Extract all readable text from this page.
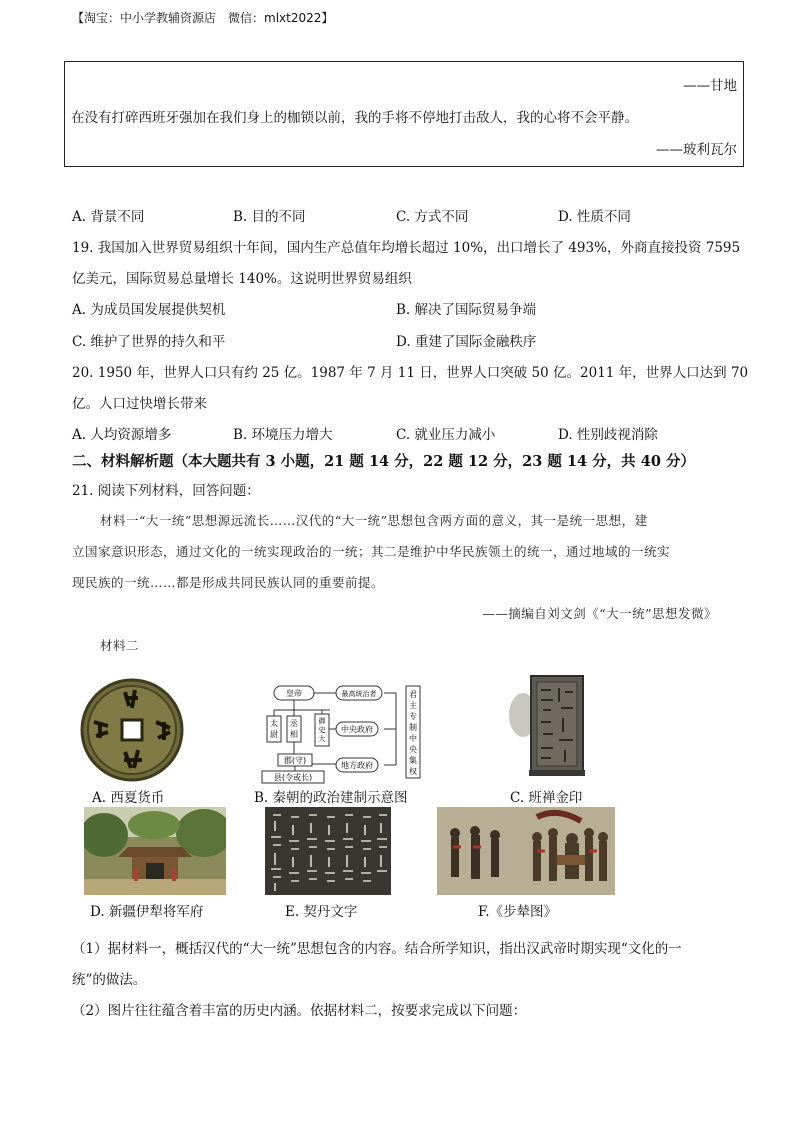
【淘宝：中小学教辅资源店　微信：mlxt2022】
——甘地
在没有打碎西班牙强加在我们身上的枷锁以前，我的手将不停地打击敌人，我的心将不会平静。
——玻利瓦尔
A. 背景不同	B. 目的不同	C. 方式不同	D. 性质不同
19. 我国加入世界贸易组织十年间，国内生产总值年均增长超过 10%，出口增长了 493%，外商直接投资 7595
亿美元，国际贸易总量增长 140%。这说明世界贸易组织
A. 为成员国发展提供契机	B. 解决了国际贸易争端
C. 维护了世界的持久和平	D. 重建了国际金融秩序
20. 1950 年，世界人口只有约 25 亿。1987 年 7 月 11 日，世界人口突破 50 亿。2011 年，世界人口达到 70
亿。人口过快增长带来
A. 人均资源增多	B. 环境压力增大	C. 就业压力减小	D. 性别歧视消除
二、材料解析题（本大题共有 3 小题，21 题 14 分，22 题 12 分，23 题 14 分，共 40 分）
21. 阅读下列材料，回答问题：
材料一“大一统”思想源远流长……汉代的“大一统”思想包含两方面的意义，其一是统一思想，建
立国家意识形态，通过文化的一统实现政治的一统；其二是维护中华民族领土的统一，通过地域的一统实
现民族的一统……都是形成共同民族认同的重要前提。
——摘编自刘文剑《“大一统”思想发微》
材料二
皇帝	最高统治者
太
尉
丞
相
御
史
大
中央政府
郡(守)
地方政府
县(令或长)
君
主
专
制
中
央
集
权
A. 西夏货币	B. 秦朝的政治建制示意图	C. 班禅金印
D. 新疆伊犁将军府	E. 契丹文字	F.《步辇图》
（1）据材料一，概括汉代的“大一统”思想包含的内容。结合所学知识，指出汉武帝时期实现“文化的一
统”的做法。
（2）图片往往蕴含着丰富的历史内涵。依据材料二，按要求完成以下问题：
